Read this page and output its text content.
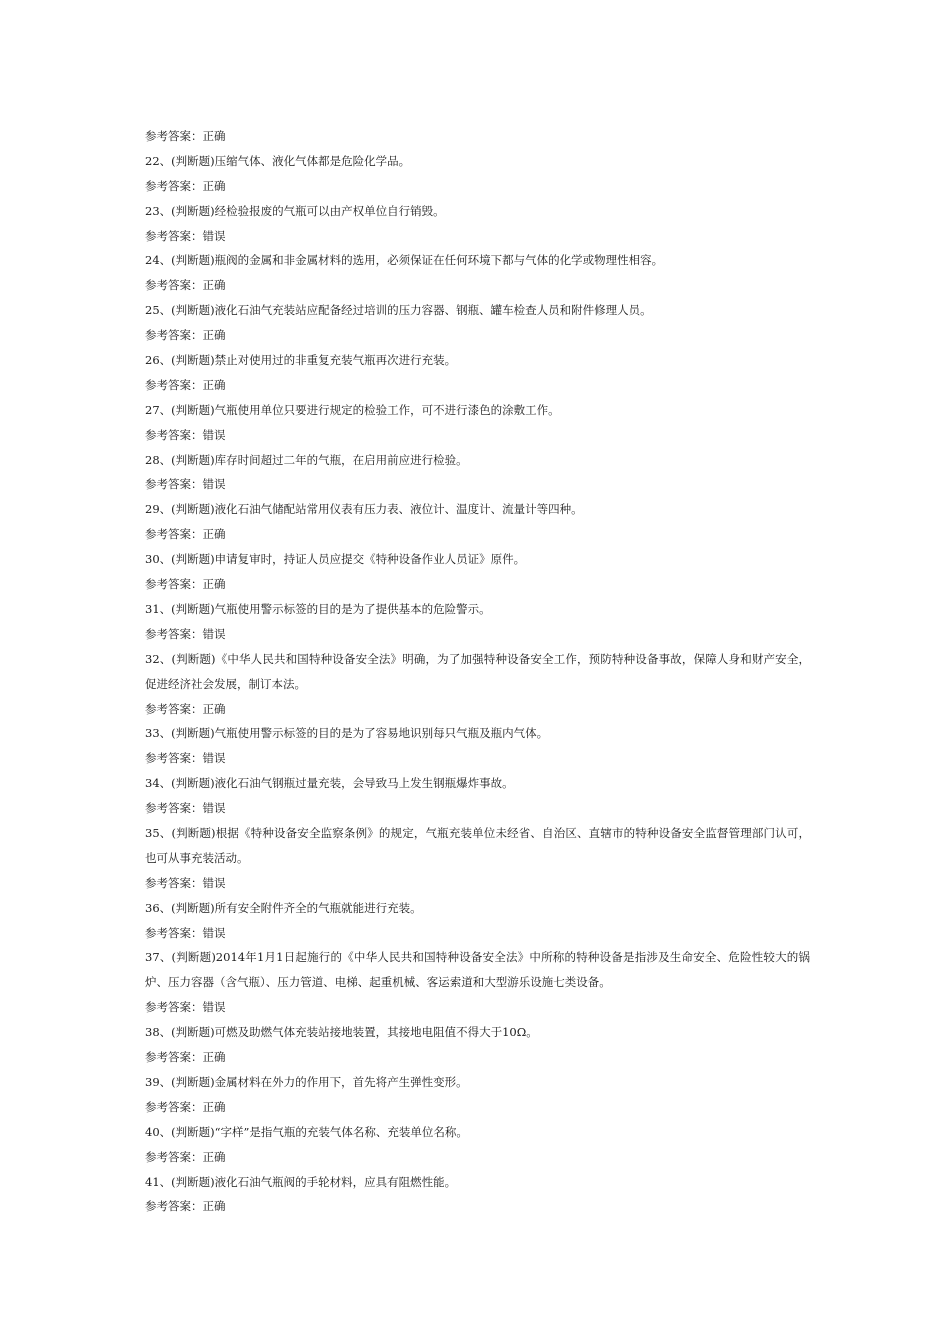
参考答案：正确
22、(判断题)压缩气体、液化气体都是危险化学品。
参考答案：正确
23、(判断题)经检验报废的气瓶可以由产权单位自行销毁。
参考答案：错误
24、(判断题)瓶阀的金属和非金属材料的选用，必须保证在任何环境下都与气体的化学或物理性相容。
参考答案：正确
25、(判断题)液化石油气充装站应配备经过培训的压力容器、钢瓶、罐车检查人员和附件修理人员。
参考答案：正确
26、(判断题)禁止对使用过的非重复充装气瓶再次进行充装。
参考答案：正确
27、(判断题)气瓶使用单位只要进行规定的检验工作，可不进行漆色的涂敷工作。
参考答案：错误
28、(判断题)库存时间超过二年的气瓶，在启用前应进行检验。
参考答案：错误
29、(判断题)液化石油气储配站常用仪表有压力表、液位计、温度计、流量计等四种。
参考答案：正确
30、(判断题)申请复审时，持证人员应提交《特种设备作业人员证》原件。
参考答案：正确
31、(判断题)气瓶使用警示标签的目的是为了提供基本的危险警示。
参考答案：错误
32、(判断题)《中华人民共和国特种设备安全法》明确，为了加强特种设备安全工作，预防特种设备事故，保障人身和财产安全，促进经济社会发展，制订本法。
参考答案：正确
33、(判断题)气瓶使用警示标签的目的是为了容易地识别每只气瓶及瓶内气体。
参考答案：错误
34、(判断题)液化石油气钢瓶过量充装，会导致马上发生钢瓶爆炸事故。
参考答案：错误
35、(判断题)根据《特种设备安全监察条例》的规定，气瓶充装单位未经省、自治区、直辖市的特种设备安全监督管理部门认可，也可从事充装活动。
参考答案：错误
36、(判断题)所有安全附件齐全的气瓶就能进行充装。
参考答案：错误
37、(判断题)2014年1月1日起施行的《中华人民共和国特种设备安全法》中所称的特种设备是指涉及生命安全、危险性较大的锅炉、压力容器（含气瓶）、压力管道、电梯、起重机械、客运索道和大型游乐设施七类设备。
参考答案：错误
38、(判断题)可燃及助燃气体充装站接地装置，其接地电阻值不得大于10Ω。
参考答案：正确
39、(判断题)金属材料在外力的作用下，首先将产生弹性变形。
参考答案：正确
40、(判断题)“字样”是指气瓶的充装气体名称、充装单位名称。
参考答案：正确
41、(判断题)液化石油气瓶阀的手轮材料，应具有阻燃性能。
参考答案：正确
